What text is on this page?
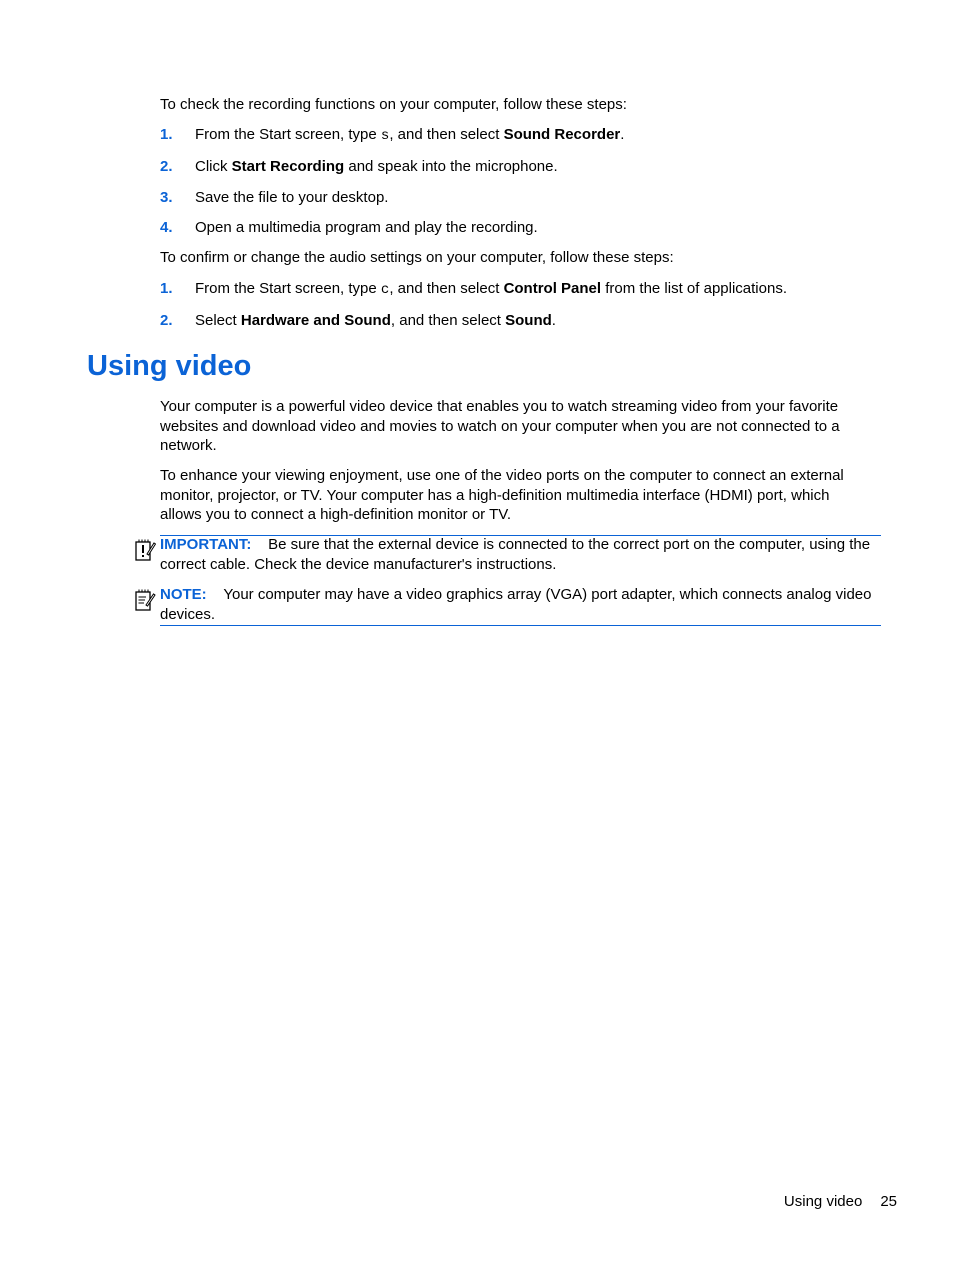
To check the recording functions on your computer, follow these steps:

1. From the Start screen, type s, and then select Sound Recorder.
2. Click Start Recording and speak into the microphone.
3. Save the file to your desktop.
4. Open a multimedia program and play the recording.

To confirm or change the audio settings on your computer, follow these steps:

1. From the Start screen, type c, and then select Control Panel from the list of applications.
2. Select Hardware and Sound, and then select Sound.
Using video

Your computer is a powerful video device that enables you to watch streaming video from your favorite websites and download video and movies to watch on your computer when you are not connected to a network.

To enhance your viewing enjoyment, use one of the video ports on the computer to connect an external monitor, projector, or TV. Your computer has a high-definition multimedia interface (HDMI) port, which allows you to connect a high-definition monitor or TV.

IMPORTANT: Be sure that the external device is connected to the correct port on the computer, using the correct cable. Check the device manufacturer's instructions.

NOTE: Your computer may have a video graphics array (VGA) port adapter, which connects analog video devices.

Using video 25
